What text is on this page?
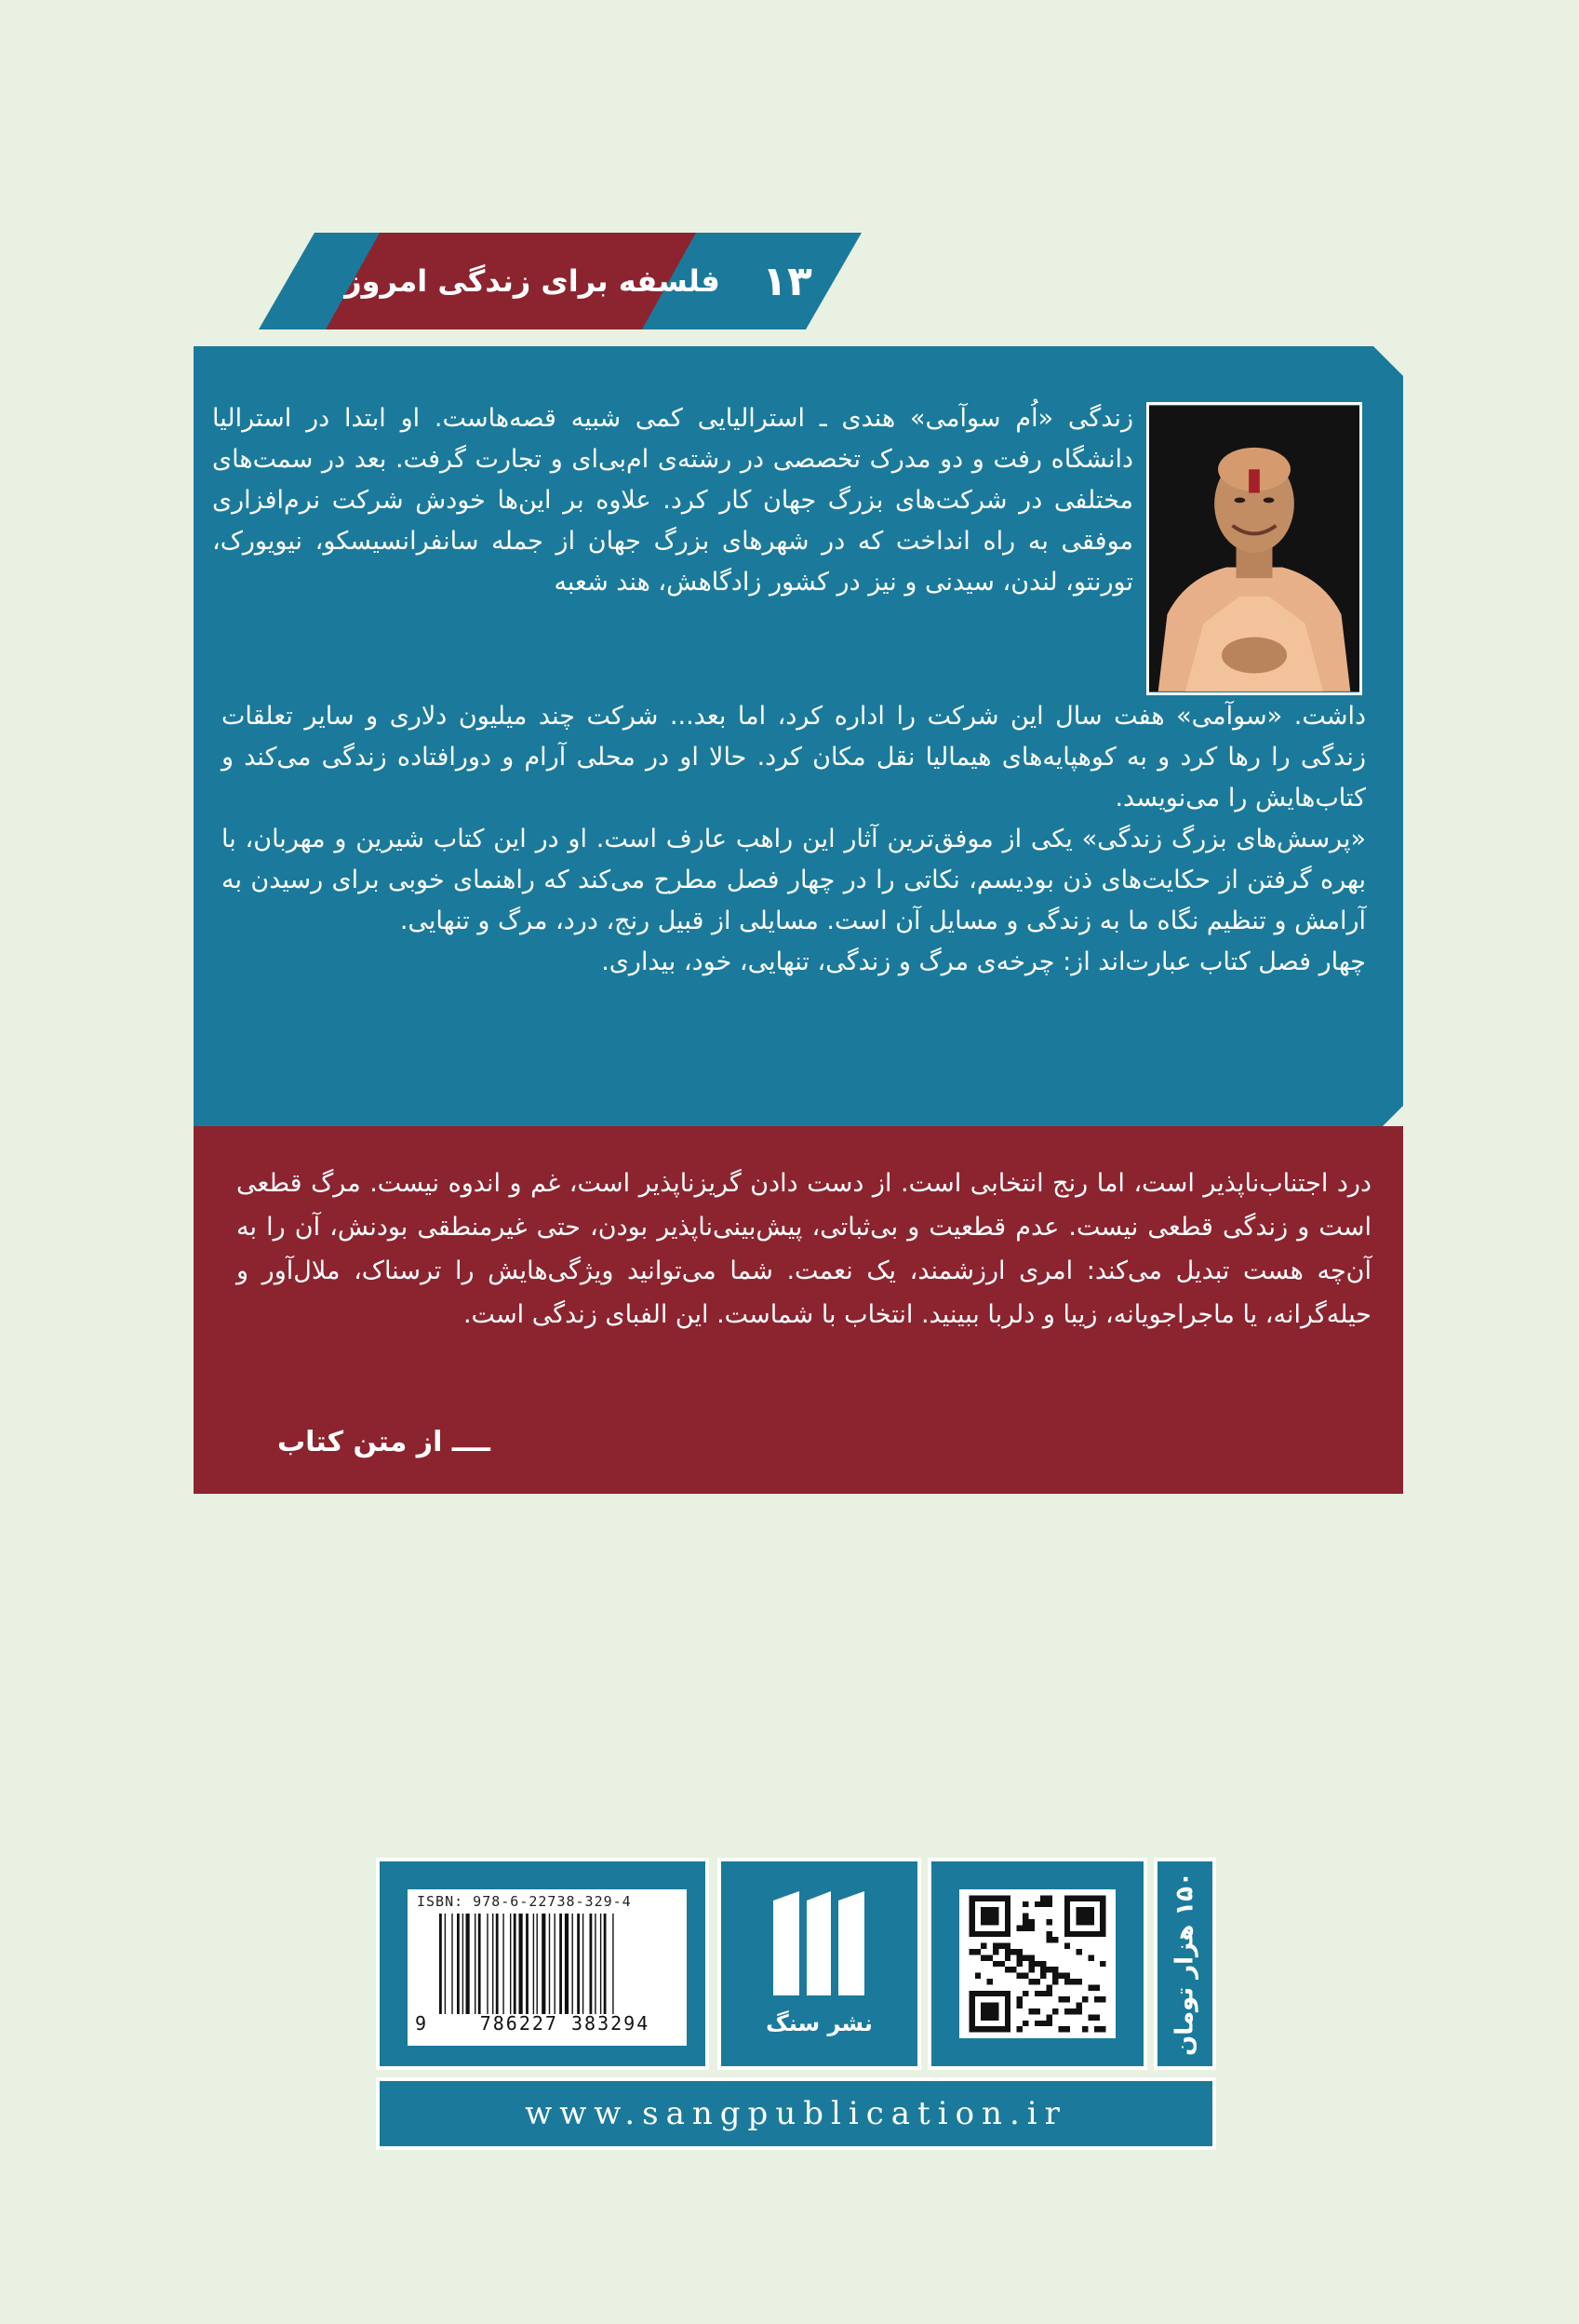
فلسفه برای زندگی امروز	۱۳

زندگی «اُم سوآمی» هندی ـ استرالیایی کمی شبیه قصه‌هاست. او ابتدا در استرالیا دانشگاه رفت و دو مدرک تخصصی در رشته‌ی ام‌بی‌ای و تجارت گرفت. بعد در سمت‌های مختلفی در شرکت‌های بزرگ جهان کار کرد. علاوه بر این‌ها خودش شرکت نرم‌افزاری موفقی به راه انداخت که در شهرهای بزرگ جهان از جمله سانفرانسیسکو، نیویورک، تورنتو، لندن، سیدنی و نیز در کشور زادگاهش، هند شعبه

داشت. «سوآمی» هفت سال این شرکت را اداره کرد، اما بعد... شرکت چند میلیون دلاری و سایر تعلقات زندگی را رها کرد و به کوهپایه‌های هیمالیا نقل مکان کرد. حالا او در محلی آرام و دورافتاده زندگی می‌کند و کتاب‌هایش را می‌نویسد.

«پرسش‌های بزرگ زندگی» یکی از موفق‌ترین آثار این راهب عارف است. او در این کتاب شیرین و مهربان، با بهره گرفتن از حکایت‌های ذن بودیسم، نکاتی را در چهار فصل مطرح می‌کند که راهنمای خوبی برای رسیدن به آرامش و تنظیم نگاه ما به زندگی و مسایل آن است. مسایلی از قبیل رنج، درد، مرگ و تنهایی.

چهار فصل کتاب عبارت‌اند از: چرخه‌ی مرگ و زندگی، تنهایی، خود، بیداری.

درد اجتناب‌ناپذیر است، اما رنج انتخابی است. از دست دادن گریزناپذیر است، غم و اندوه نیست. مرگ قطعی است و زندگی قطعی نیست. عدم قطعیت و بی‌ثباتی، پیش‌بینی‌ناپذیر بودن، حتی غیرمنطقی بودنش، آن را به آن‌چه هست تبدیل می‌کند: امری ارزشمند، یک نعمت. شما می‌توانید ویژگی‌هایش را ترسناک، ملال‌آور و حیله‌گرانه، یا ماجراجویانه، زیبا و دلربا ببینید. انتخاب با شماست. این الفبای زندگی است.

ــــ از متن کتاب
ISBN: 978-6-22738-329-4
9	786227 383294	نشر سنگ	۱۵۰ هزار تومان
www.sangpublication.ir
